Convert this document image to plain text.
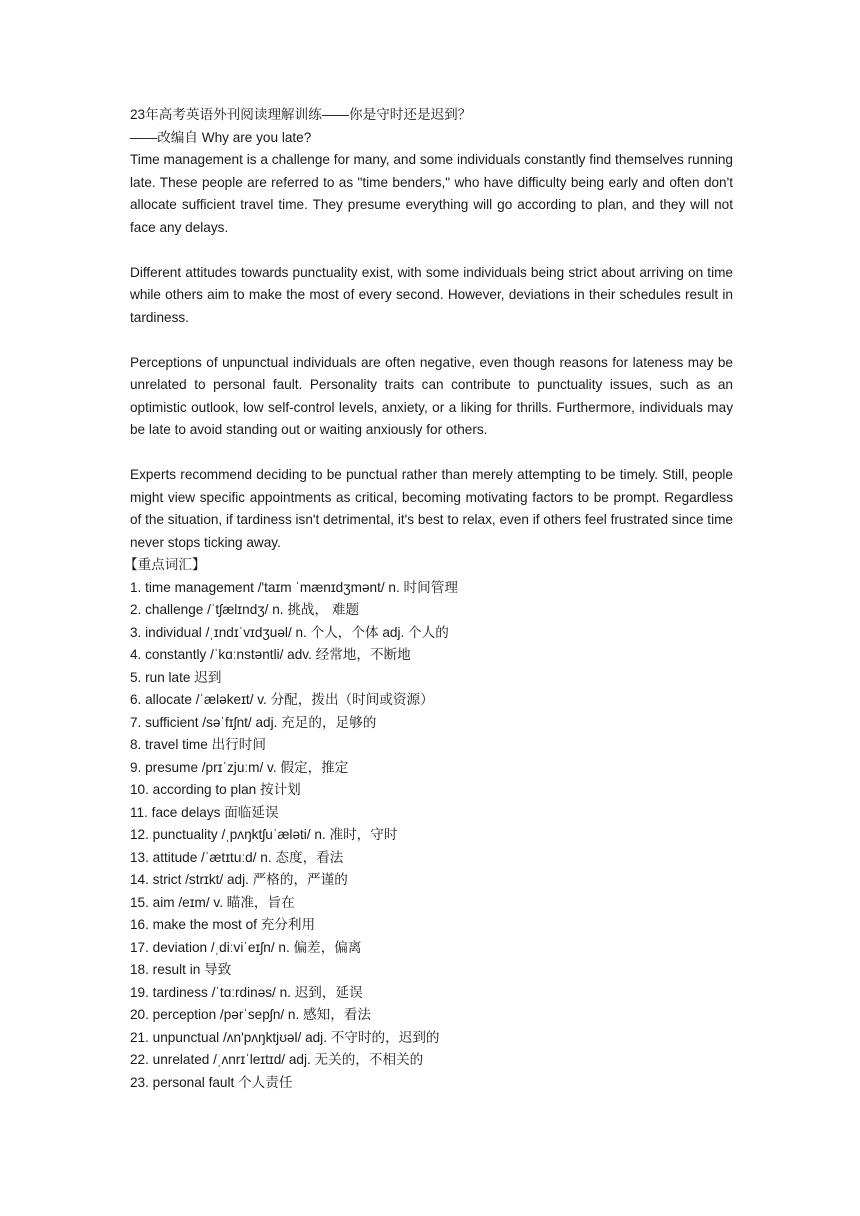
23年高考英语外刊阅读理解训练——你是守时还是迟到？

——改编自 Why are you late?

Time management is a challenge for many, and some individuals constantly find themselves running late. These people are referred to as "time benders," who have difficulty being early and often don't allocate sufficient travel time. They presume everything will go according to plan, and they will not face any delays.

Different attitudes towards punctuality exist, with some individuals being strict about arriving on time while others aim to make the most of every second. However, deviations in their schedules result in tardiness.

Perceptions of unpunctual individuals are often negative, even though reasons for lateness may be unrelated to personal fault. Personality traits can contribute to punctuality issues, such as an optimistic outlook, low self-control levels, anxiety, or a liking for thrills. Furthermore, individuals may be late to avoid standing out or waiting anxiously for others.

Experts recommend deciding to be punctual rather than merely attempting to be timely. Still, people might view specific appointments as critical, becoming motivating factors to be prompt. Regardless of the situation, if tardiness isn't detrimental, it's best to relax, even if others feel frustrated since time never stops ticking away.

【重点词汇】

1. time management /'taɪm ˈmænɪdʒmənt/ n. 时间管理
2. challenge /ˈtʃælɪndʒ/ n. 挑战， 难题
3. individual /ˌɪndɪˈvɪdʒuəl/ n. 个人，个体 adj. 个人的
4. constantly /ˈkɑːnstəntli/ adv. 经常地，不断地
5. run late 迟到
6. allocate /ˈæləkeɪt/ v. 分配，拨出（时间或资源）
7. sufficient /səˈfɪʃnt/ adj. 充足的，足够的
8. travel time 出行时间
9. presume /prɪˈzjuːm/ v. 假定，推定
10. according to plan 按计划
11. face delays 面临延误
12. punctuality /ˌpʌŋktʃuˈæləti/ n. 准时，守时
13. attitude /ˈætɪtuːd/ n. 态度，看法
14. strict /strɪkt/ adj. 严格的，严谨的
15. aim /eɪm/ v. 瞄准，旨在
16. make the most of 充分利用
17. deviation /ˌdiːviˈeɪʃn/ n. 偏差，偏离
18. result in 导致
19. tardiness /ˈtɑːrdinəs/ n. 迟到，延误
20. perception /pərˈsepʃn/ n. 感知，看法
21. unpunctual /ʌn'pʌŋktjʊəl/ adj. 不守时的，迟到的
22. unrelated /ˌʌnrɪˈleɪtɪd/ adj. 无关的，不相关的
23. personal fault 个人责任
